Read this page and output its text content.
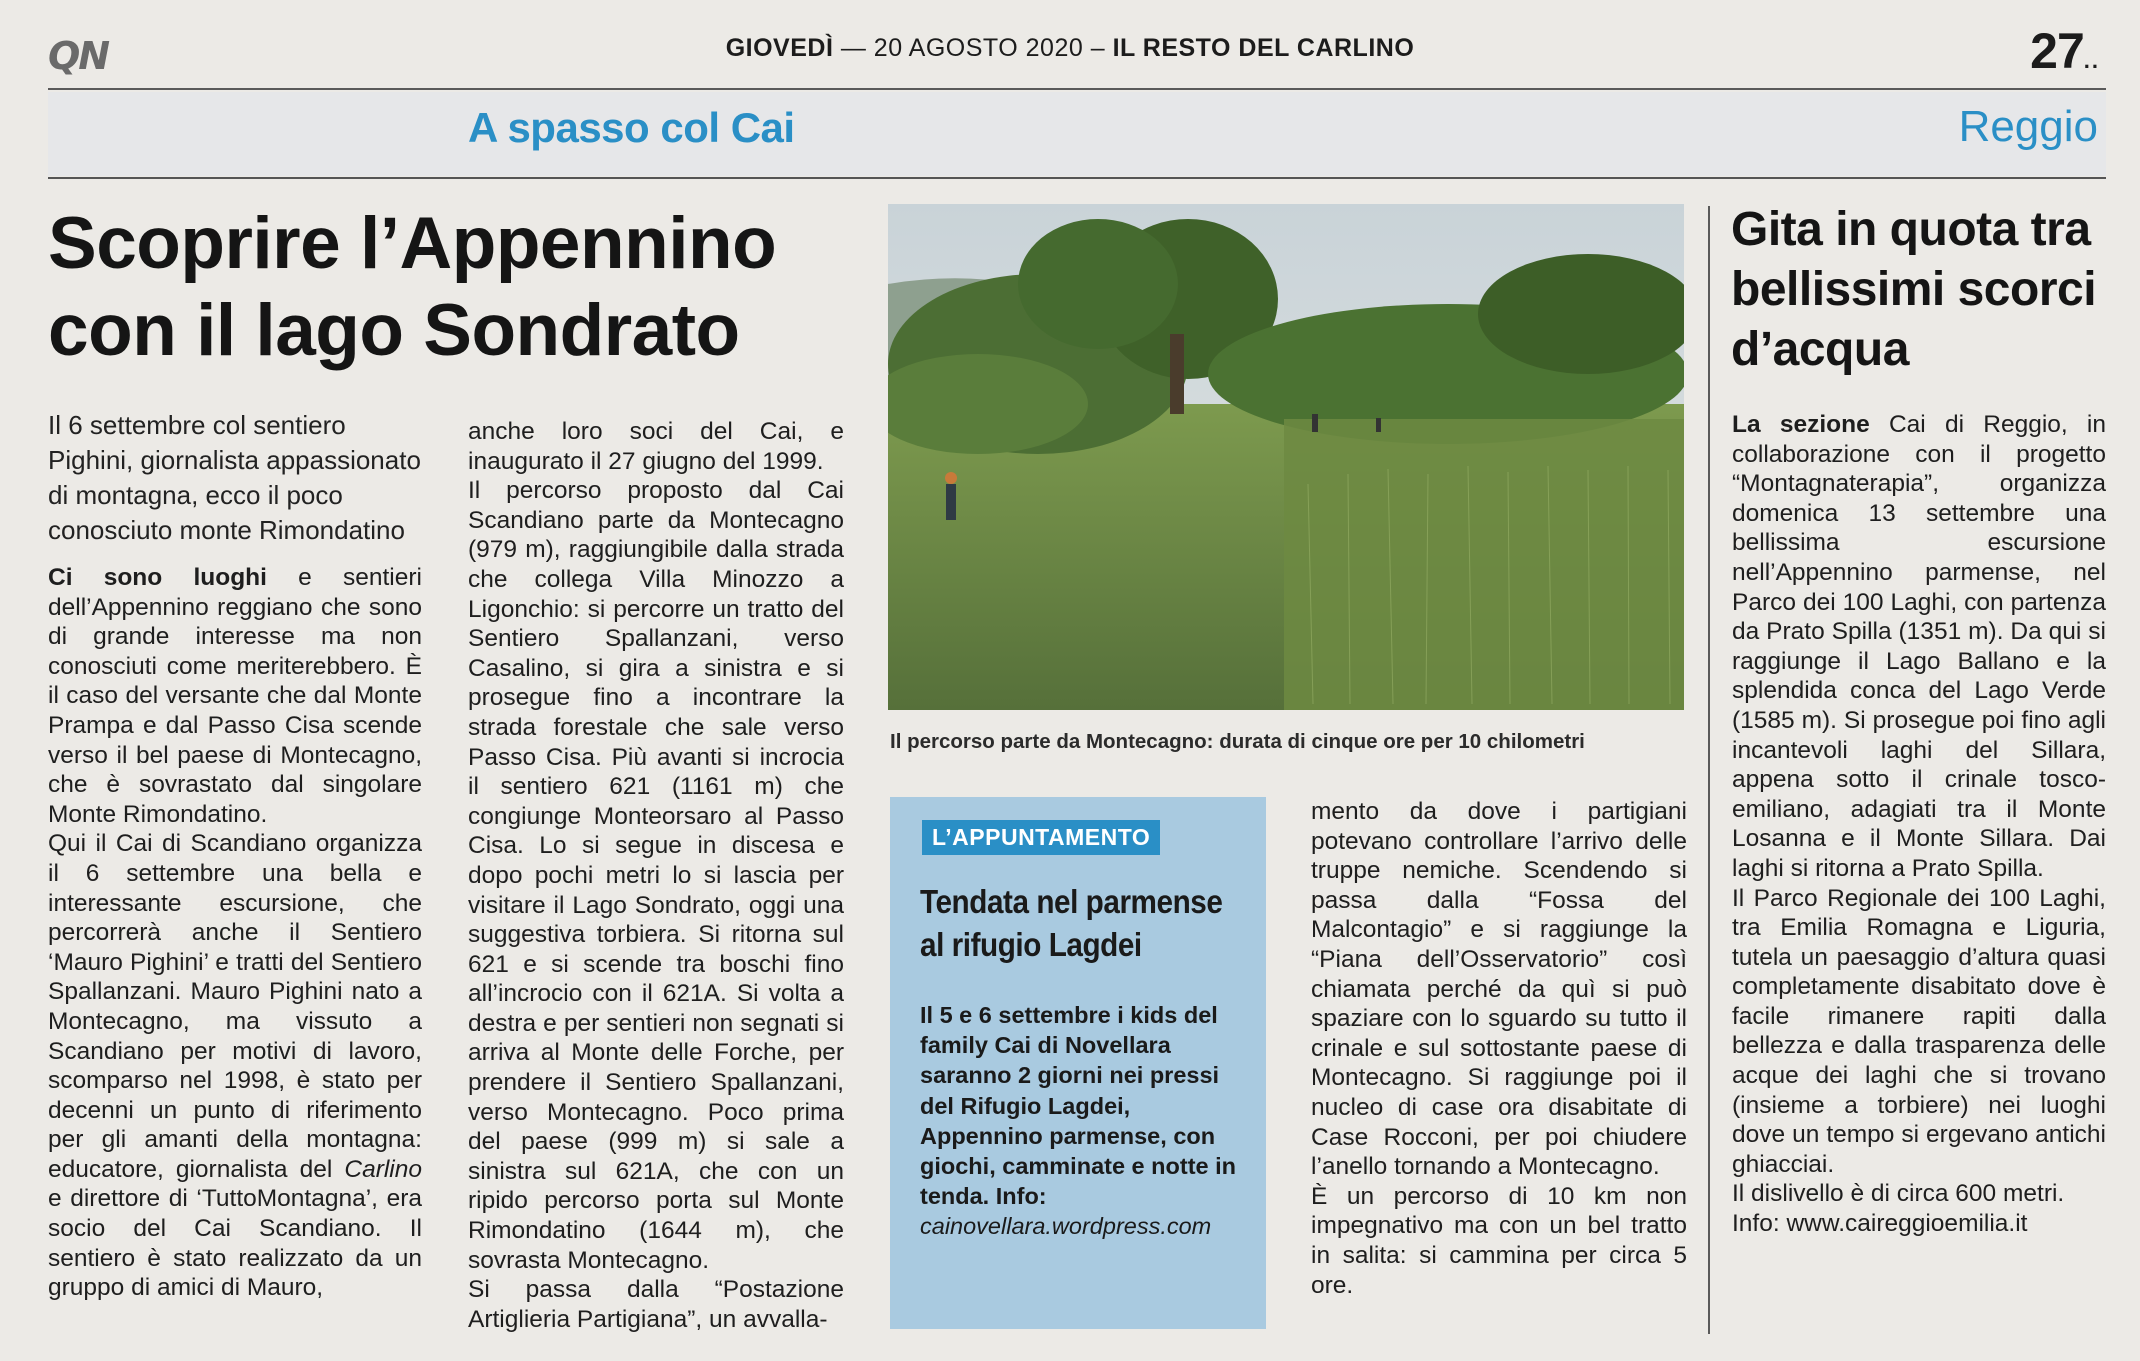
QN	GIOVEDÌ — 20 AGOSTO 2020 – IL RESTO DEL CARLINO	27..
A spasso col Cai	Reggio
Scoprire l’Appennino con il lago Sondrato
Il 6 settembre col sentiero Pighini, giornalista appassionato di montagna, ecco il poco conosciuto monte Rimondatino

Ci sono luoghi e sentieri dell’Appennino reggiano che sono di grande interesse ma non conosciuti come meriterebbero. È il caso del versante che dal Monte Prampa e dal Passo Cisa scende verso il bel paese di Montecagno, che è sovrastato dal singolare Monte Rimondatino.

Qui il Cai di Scandiano organizza il 6 settembre una bella e interessante escursione, che percorrerà anche il Sentiero ‘Mauro Pighini’ e tratti del Sentiero Spallanzani. Mauro Pighini nato a Montecagno, ma vissuto a Scandiano per motivi di lavoro, scomparso nel 1998, è stato per decenni un punto di riferimento per gli amanti della montagna: educatore, giornalista del Carlino e direttore di ‘TuttoMontagna’, era socio del Cai Scandiano. Il sentiero è stato realizzato da un gruppo di amici di Mauro,

anche loro soci del Cai, e inaugurato il 27 giugno del 1999.

Il percorso proposto dal Cai Scandiano parte da Montecagno (979 m), raggiungibile dalla strada che collega Villa Minozzo a Ligonchio: si percorre un tratto del Sentiero Spallanzani, verso Casalino, si gira a sinistra e si prosegue fino a incontrare la strada forestale che sale verso Passo Cisa. Più avanti si incrocia il sentiero 621 (1161 m) che congiunge Monteorsaro al Passo Cisa. Lo si segue in discesa e dopo pochi metri lo si lascia per visitare il Lago Sondrato, oggi una suggestiva torbiera. Si ritorna sul 621 e si scende tra boschi fino all’incrocio con il 621A. Si volta a destra e per sentieri non segnati si arriva al Monte delle Forche, per prendere il Sentiero Spallanzani, verso Montecagno. Poco prima del paese (999 m) si sale a sinistra sul 621A, che con un ripido percorso porta sul Monte Rimondatino (1644 m), che sovrasta Montecagno.

Si passa dalla “Postazione Artiglieria Partigiana”, un avvalla-

Il percorso parte da Montecagno: durata di cinque ore per 10 chilometri
L’APPUNTAMENTO
Tendata nel parmense al rifugio Lagdei
Il 5 e 6 settembre i kids del family Cai di Novellara saranno 2 giorni nei pressi del Rifugio Lagdei, Appennino parmense, con giochi, camminate e notte in tenda. Info: cainovellara.wordpress.com

mento da dove i partigiani potevano controllare l’arrivo delle truppe nemiche. Scendendo si passa dalla “Fossa del Malcontagio” e si raggiunge la “Piana dell’Osservatorio” così chiamata perché da quì si può spaziare con lo sguardo su tutto il crinale e sul sottostante paese di Montecagno. Si raggiunge poi il nucleo di case ora disabitate di Case Rocconi, per poi chiudere l’anello tornando a Montecagno.

È un percorso di 10 km non impegnativo ma con un bel tratto in salita: si cammina per circa 5 ore.

Gita in quota tra bellissimi scorci d’acqua

La sezione Cai di Reggio, in collaborazione con il progetto “Montagnaterapia”, organizza domenica 13 settembre una bellissima escursione nell’Appennino parmense, nel Parco dei 100 Laghi, con partenza da Prato Spilla (1351 m). Da qui si raggiunge il Lago Ballano e la splendida conca del Lago Verde (1585 m). Si prosegue poi fino agli incantevoli laghi del Sillara, appena sotto il crinale tosco-emiliano, adagiati tra il Monte Losanna e il Monte Sillara. Dai laghi si ritorna a Prato Spilla.

Il Parco Regionale dei 100 Laghi, tra Emilia Romagna e Liguria, tutela un paesaggio d’altura quasi completamente disabitato dove è facile rimanere rapiti dalla bellezza e dalla trasparenza delle acque dei laghi che si trovano (insieme a torbiere) nei luoghi dove un tempo si ergevano antichi ghiacciai.

Il dislivello è di circa 600 metri.

Info: www.caireggioemilia.it
